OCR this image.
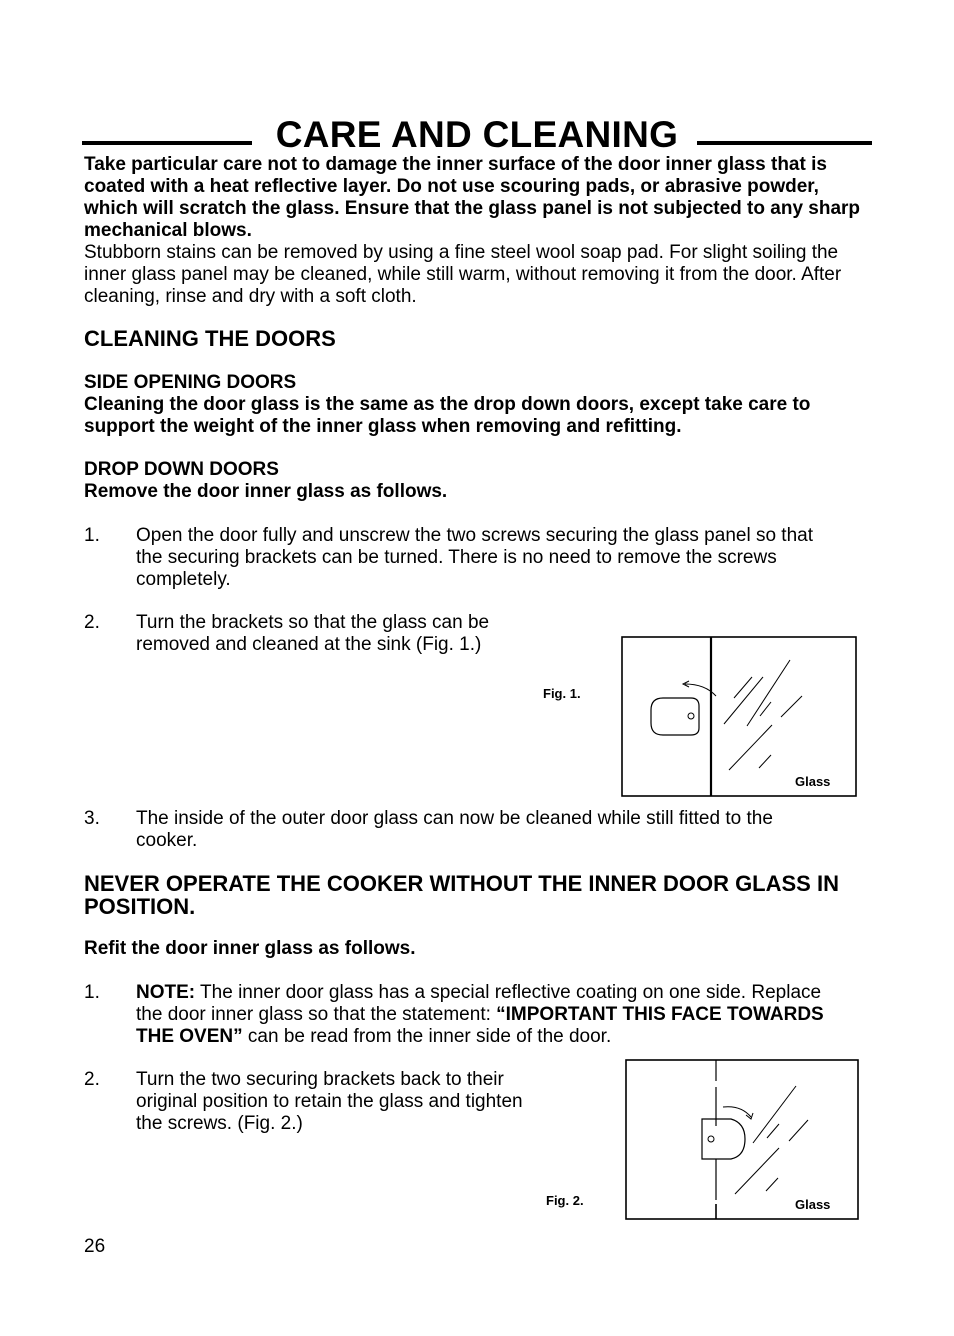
CARE AND CLEANING

Take particular care not to damage the inner surface of the door inner glass that is coated with a heat reflective layer. Do not use scouring pads, or abrasive powder, which will scratch the glass. Ensure that the glass panel is not subjected to any sharp mechanical blows.

Stubborn stains can be removed by using a fine steel wool soap pad. For slight soiling the inner glass panel may be cleaned, while still warm, without removing it from the door. After cleaning, rinse and dry with a soft cloth.

CLEANING THE DOORS

SIDE OPENING DOORS

Cleaning the door glass is the same as the drop down doors, except take care to support the weight of the inner glass when removing and refitting.

DROP DOWN DOORS

Remove the door inner glass as follows.

1. Open the door fully and unscrew the two screws securing the glass panel so that the securing brackets can be turned. There is no need to remove the screws completely.
2. Turn the brackets so that the glass can be removed and cleaned at the sink (Fig. 1.)
Fig. 1.
Glass
3. The inside of the outer door glass can now be cleaned while still fitted to the cooker.
NEVER OPERATE THE COOKER WITHOUT THE INNER DOOR GLASS IN POSITION.
Refit the door inner glass as follows.
1. NOTE: The inner door glass has a special reflective coating on one side. Replace the door inner glass so that the statement: “IMPORTANT THIS FACE TOWARDS THE OVEN” can be read from the inner side of the door.
2. Turn the two securing brackets back to their original position to retain the glass and tighten the screws. (Fig. 2.)
Fig. 2.	Glass
26
